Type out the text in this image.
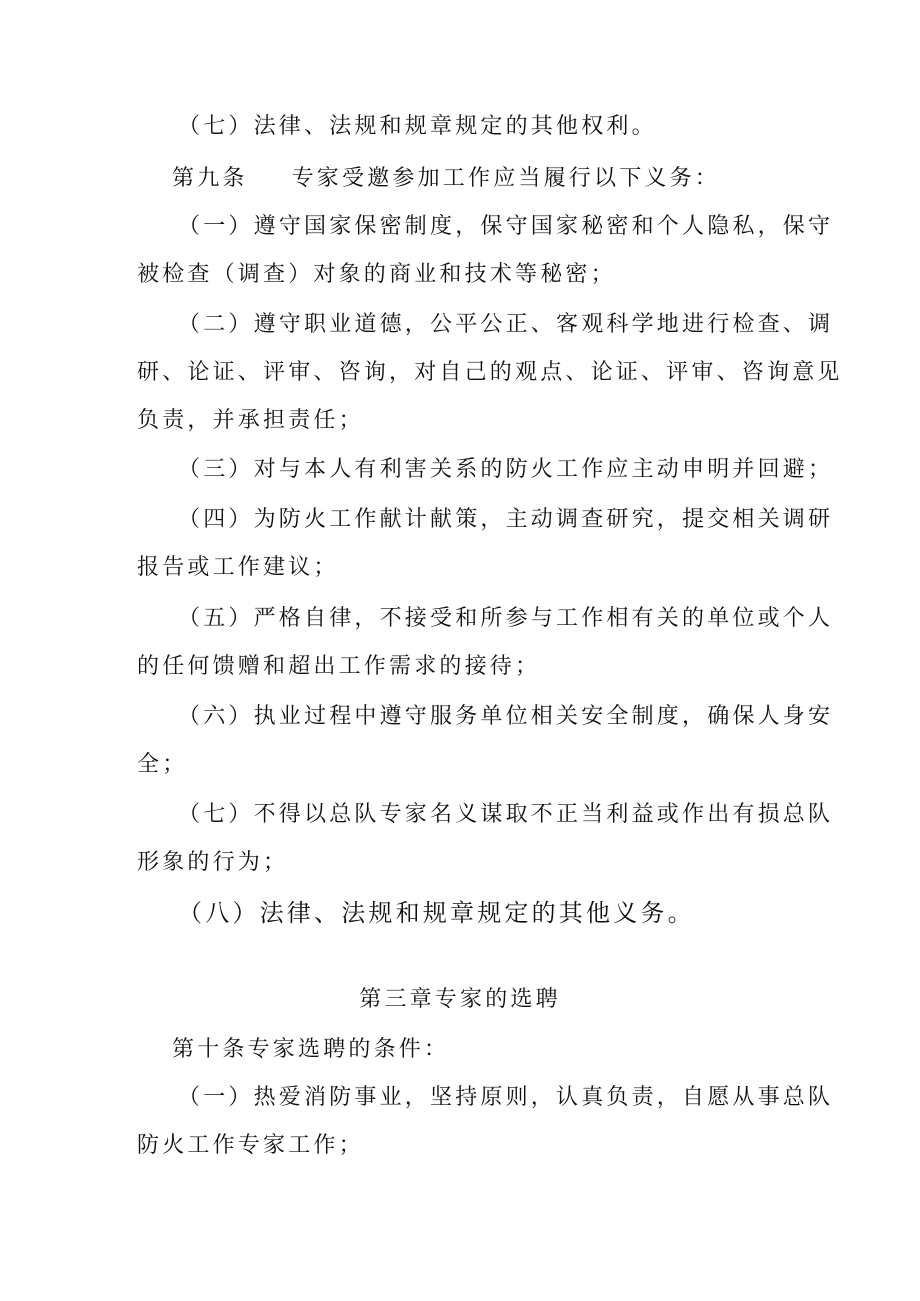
（七）法律、法规和规章规定的其他权利。
第九条 专家受邀参加工作应当履行以下义务：
（一）遵守国家保密制度，保守国家秘密和个人隐私，保守
被检查（调查）对象的商业和技术等秘密；
（二）遵守职业道德，公平公正、客观科学地进行检查、调
研、论证、评审、咨询，对自己的观点、论证、评审、咨询意见
负责，并承担责任；
（三）对与本人有利害关系的防火工作应主动申明并回避；
（四）为防火工作献计献策，主动调查研究，提交相关调研
报告或工作建议；
（五）严格自律，不接受和所参与工作相有关的单位或个人
的任何馈赠和超出工作需求的接待；
（六）执业过程中遵守服务单位相关安全制度，确保人身安
全；
（七）不得以总队专家名义谋取不正当利益或作出有损总队
形象的行为；
（八）法律、法规和规章规定的其他义务。
第三章专家的选聘
第十条专家选聘的条件：
（一）热爱消防事业，坚持原则，认真负责，自愿从事总队
防火工作专家工作；
